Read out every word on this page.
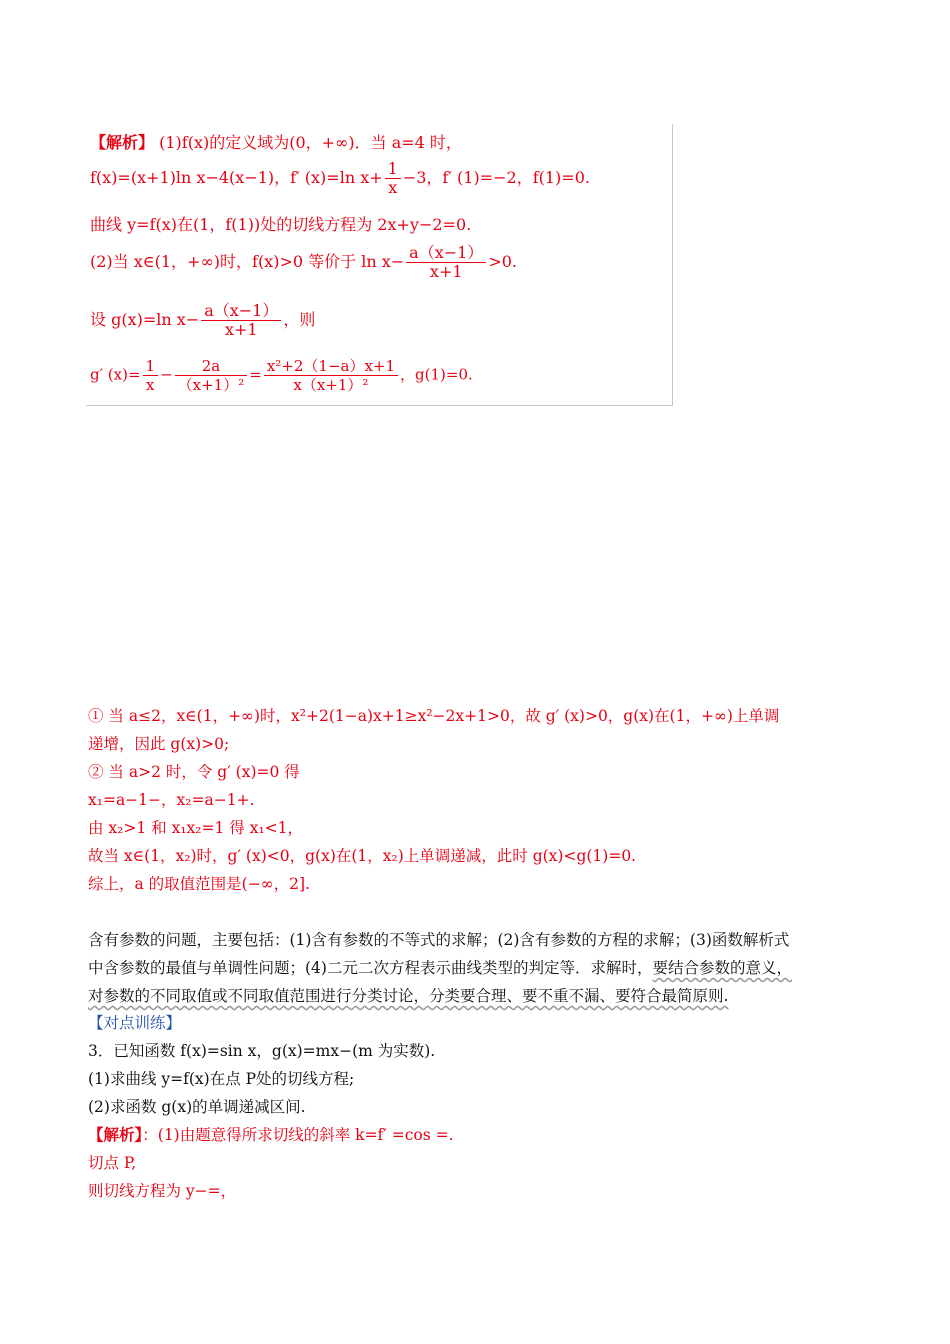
【解析】 (1)f(x)的定义域为(0，+∞)．当 a=4 时，
f(x)=(x+1)ln x−4(x−1)，f′ (x)=ln $x+ \frac{1}{x} -3$，f′ (1)=−2，f(1)=0.
曲线 y=f(x)在(1，f(1))处的切线方程为 2x+y−2=0.
(2)当 x∈(1，+∞)时，f(x)>0 等价于 $\ln x- \frac{a(x-1)}{x+1} >0$.
设 g(x)=ln $x- \frac{a(x-1)}{x+1}$ ，则
g′ $(x)= \frac{1}{x} - \frac{2a}{\text{（x+1）²}} = \frac{\text{x²+2（1−a）x+1}}{\text{x（x+1）²}}$ ，g(1)=0.
① 当 a≤2，x∈(1，+∞)时，x²+2(1−a)x+1≥x²−2x+1>0，故 g′ (x)>0，g(x)在(1，+∞)上单调
递增，因此 g(x)>0;
② 当 a>2 时，令 g′ (x)=0 得
x₁=a−1−，x₂=a−1+.
由 x₂>1 和 x₁x₂=1 得 x₁<1，
故当 x∈(1，x₂)时，g′ (x)<0，g(x)在(1，x₂)上单调递减，此时 g(x)<g(1)=0.
综上，a 的取值范围是(−∞，2].
含有参数的问题，主要包括：(1)含有参数的不等式的求解；(2)含有参数的方程的求解；(3)函数解析式
中含参数的最值与单调性问题；(4)二元二次方程表示曲线类型的判定等．求解时，要结合参数的意义，
对参数的不同取值或不同取值范围进行分类讨论，分类要合理、要不重不漏、要符合最简原则.
【对点训练】
3．已知函数 f(x)=sin x，g(x)=mx−(m 为实数).
(1)求曲线 y=f(x)在点 P处的切线方程;
(2)求函数 g(x)的单调递减区间.
【解析】：(1)由题意得所求切线的斜率 k=f′ =cos =.
切点 P,
则切线方程为 y−=，
